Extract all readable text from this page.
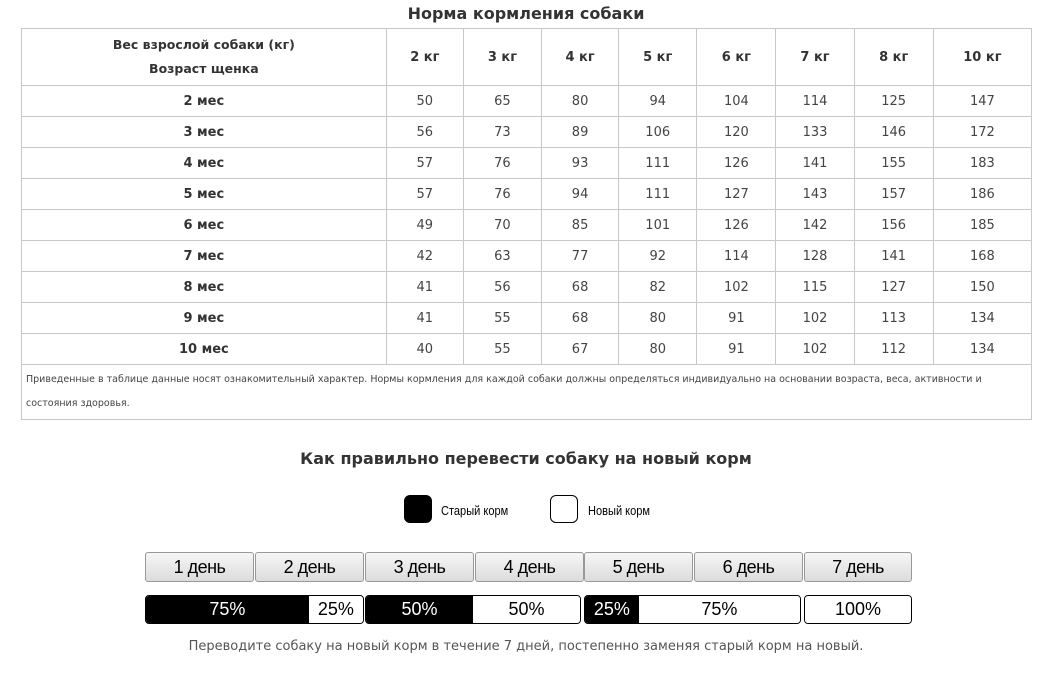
Норма кормления собаки
Вес взрослой собаки (кг)
Возраст щенка	2 кг	3 кг	4 кг	5 кг	6 кг	7 кг	8 кг	10 кг
2 мес	50	65	80	94	104	114	125	147
3 мес	56	73	89	106	120	133	146	172
4 мес	57	76	93	111	126	141	155	183
5 мес	57	76	94	111	127	143	157	186
6 мес	49	70	85	101	126	142	156	185
7 мес	42	63	77	92	114	128	141	168
8 мес	41	56	68	82	102	115	127	150
9 мес	41	55	68	80	91	102	113	134
10 мес	40	55	67	80	91	102	112	134
Приведенные в таблице данные носят ознакомительный характер. Нормы кормления для каждой собаки должны определяться индивидуально на основании возраста, веса, активности и состояния здоровья.								
Как правильно перевести собаку на новый корм
Старый корм	Новый корм
1 день	2 день	3 день	4 день	5 день	6 день	7 день
75%	25%	50%	50%	25%	75%	100%
Переводите собаку на новый корм в течение 7 дней, постепенно заменяя старый корм на новый.
